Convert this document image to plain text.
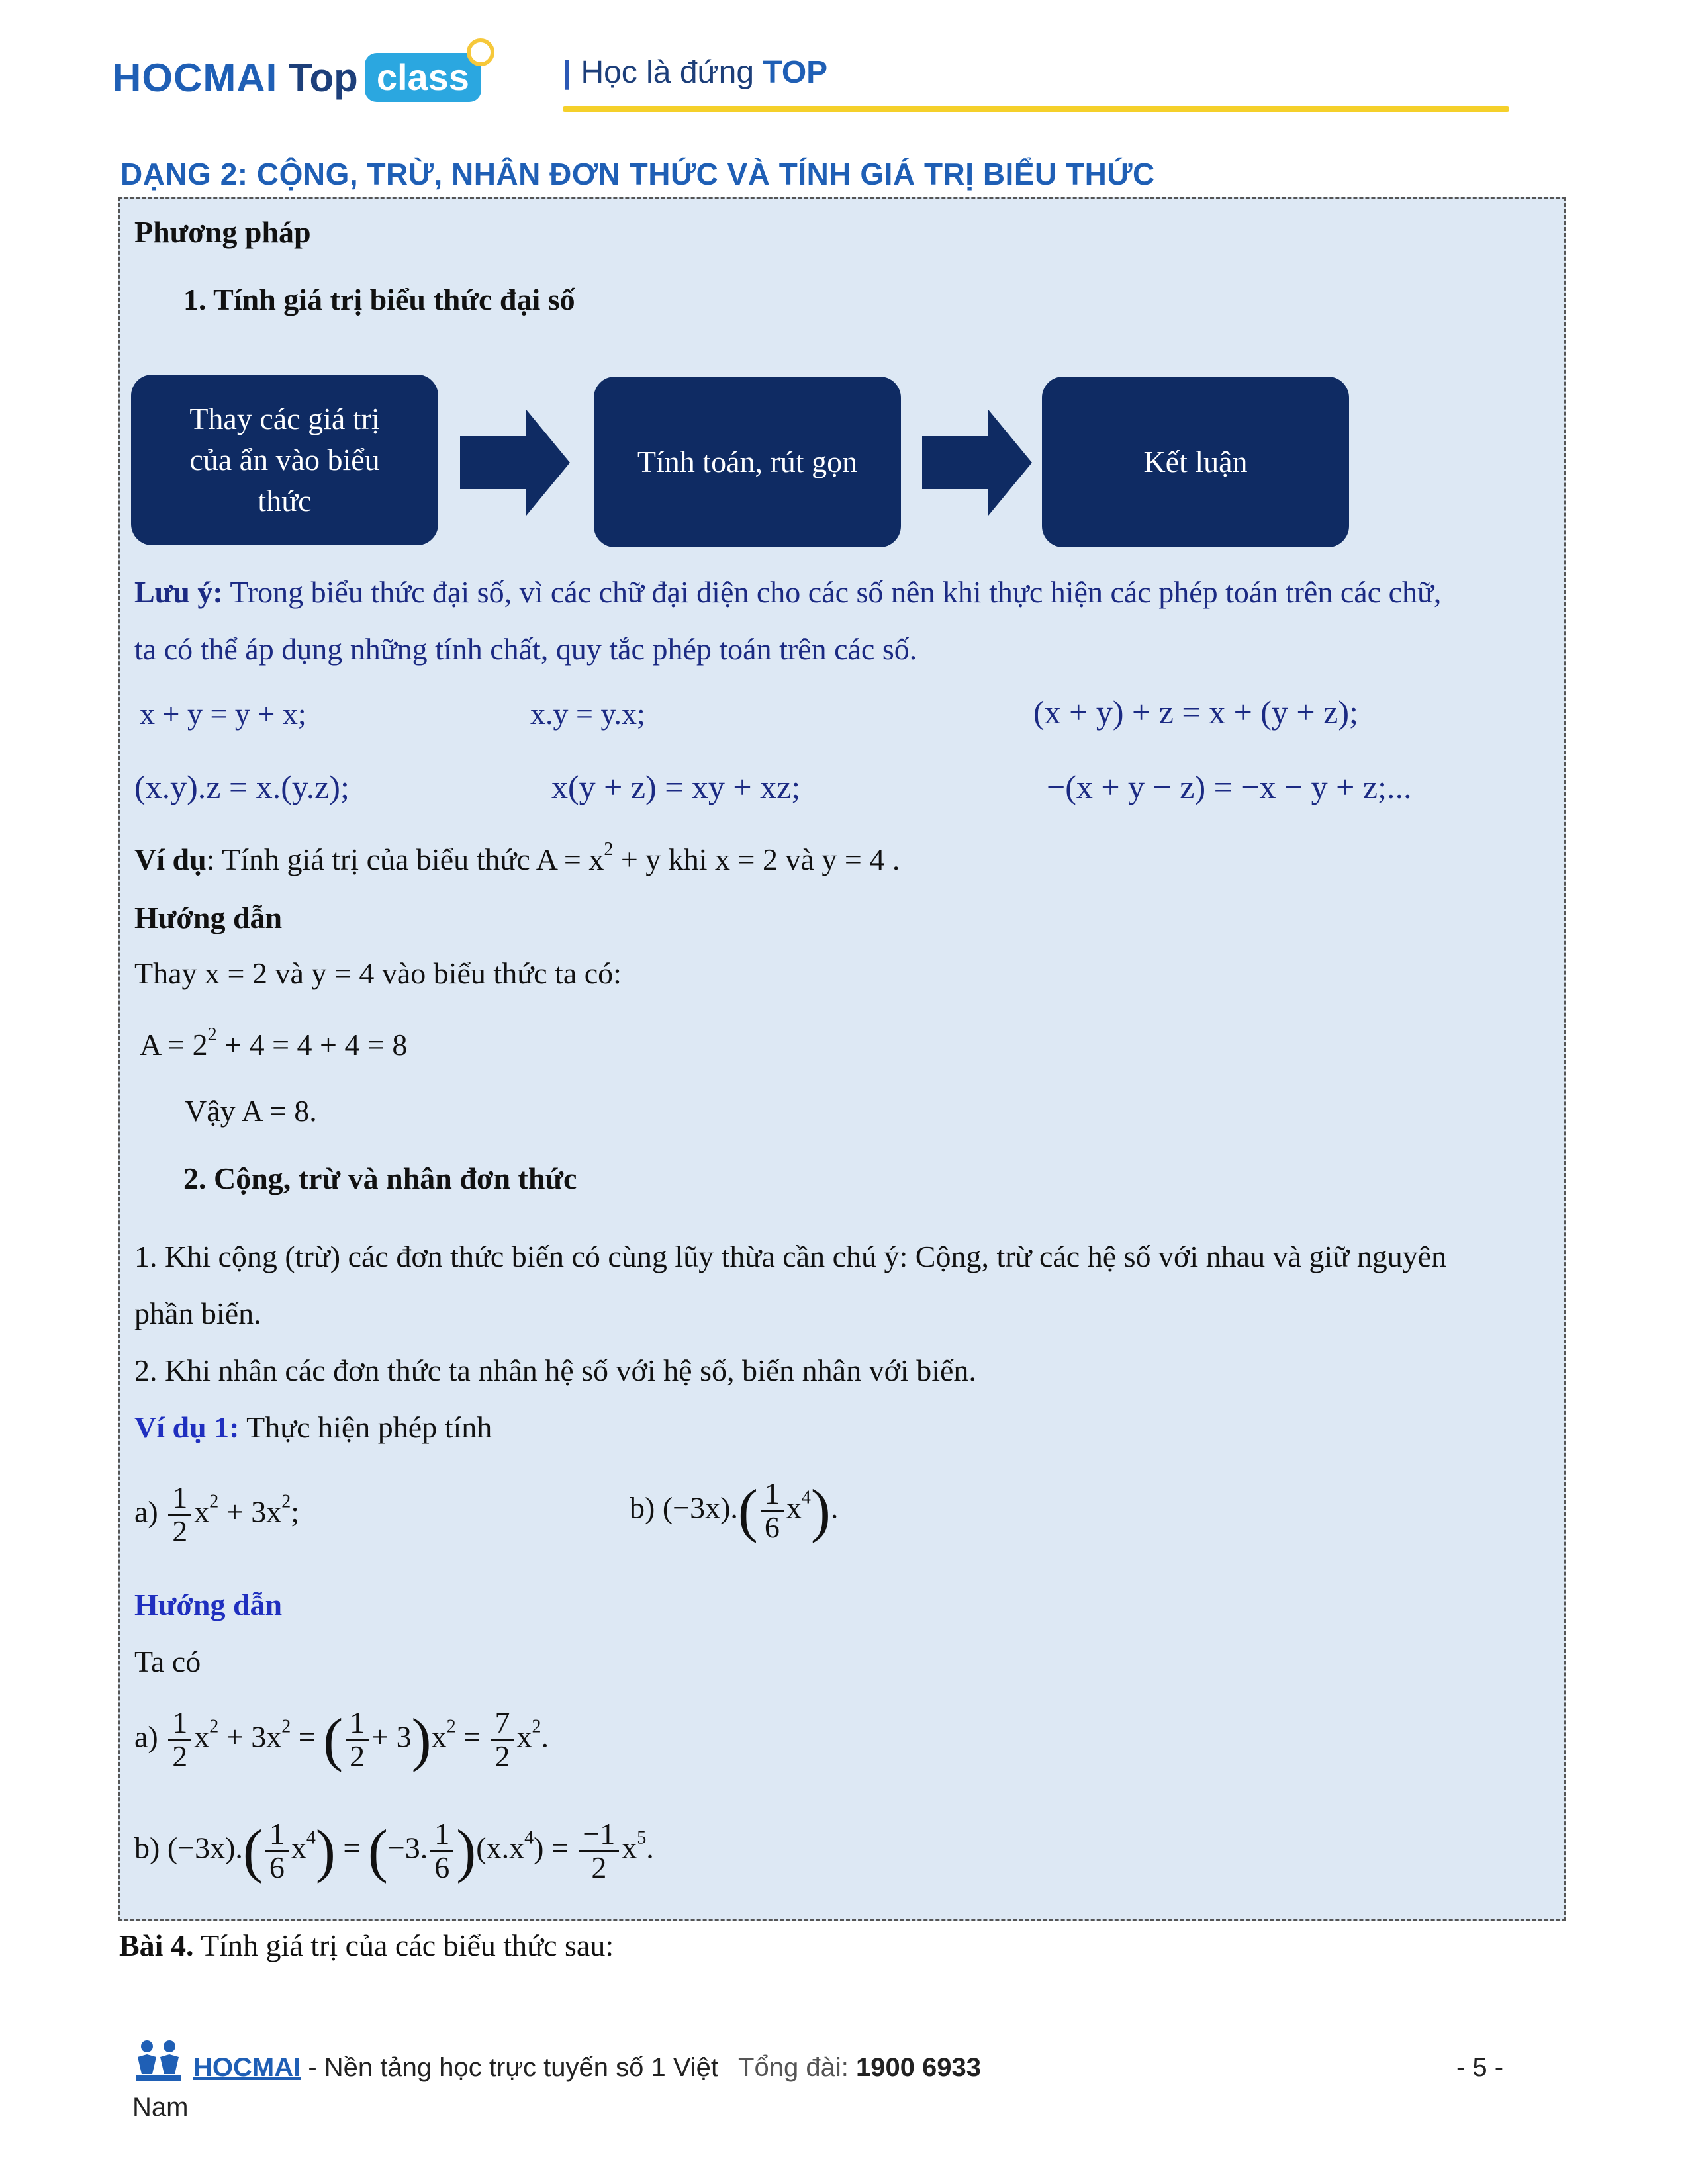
HOCMAI Top class	| Học là đứng TOP
DẠNG 2: CỘNG, TRỪ, NHÂN ĐƠN THỨC VÀ TÍNH GIÁ TRỊ BIỂU THỨC
Phương pháp
1. Tính giá trị biểu thức đại số
Thay các giá trị của ẩn vào biểu thức
Tính toán, rút gọn	Kết luận
Lưu ý: Trong biểu thức đại số, vì các chữ đại diện cho các số nên khi thực hiện các phép toán trên các chữ,
ta có thể áp dụng những tính chất, quy tắc phép toán trên các số.
x + y = y + x;	x.y = y.x;	(x + y) + z = x + (y + z);
(x.y).z = x.(y.z);	x(y + z) = xy + xz;	−(x + y − z) = −x − y + z;...
Ví dụ: Tính giá trị của biểu thức $A = x^2 + y$ khi x = 2 và y = 4 .
Hướng dẫn
Thay x = 2 và y = 4 vào biểu thức ta có:
$A = 2^2 + 4 = 4 + 4 = 8$
Vậy A = 8.
2. Cộng, trừ và nhân đơn thức
1. Khi cộng (trừ) các đơn thức biến có cùng lũy thừa cần chú ý: Cộng, trừ các hệ số với nhau và giữ nguyên
phần biến.
2. Khi nhân các đơn thức ta nhân hệ số với hệ số, biến nhân với biến.
Ví dụ 1: Thực hiện phép tính
$a) \frac{1}{2} x^2 + 3x^2$;	b) $(-3x).( \frac{1}{6} x^4)$.
Hướng dẫn
Ta có
$a) \frac{1}{2} x^2 + 3x^2$ = ( $\frac{1}{2} + 3)x^2 = \frac{7}{2} x^2$.
b) $(-3x).( \frac{1}{6} x^4) = (-3$. $\frac{1}{6} )(x.x^4) = \frac{-1}{2} x^5$.
Bài 4. Tính giá trị của các biểu thức sau:
HOCMAI - Nền tảng học trực tuyến số 1 Việt Tổng đài: 1900 6933	- 5 -
Nam
